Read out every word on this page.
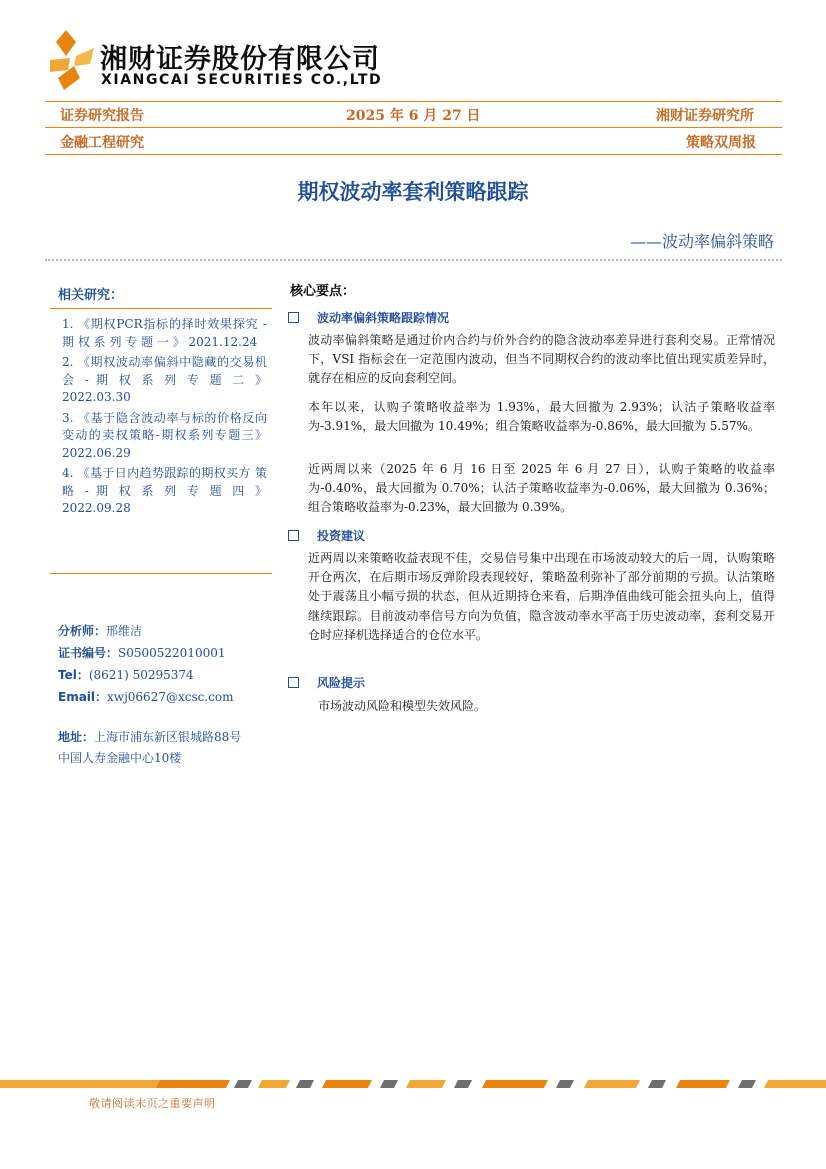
湘财证券股份有限公司
XIANGCAI SECURITIES CO.,LTD
证券研究报告	2025 年 6 月 27 日	湘财证券研究所
金融工程研究	策略双周报
期权波动率套利策略跟踪
——波动率偏斜策略
相关研究：

1. 《期权PCR指标的择时效果探究 - 期 权 系 列 专 题 一 》 2021.12.24

2. 《期权波动率偏斜中隐藏的交易机会 - 期 权 系 列 专 题 二 》 2022.03.30

3. 《基于隐含波动率与标的价格反向变动的卖权策略-期权系列专题三》 2022.06.29

4. 《基于日内趋势跟踪的期权买方 策 略 - 期 权 系 列 专 题 四 》 2022.09.28

分析师：邢维洁
证书编号：S0500522010001
Tel：(8621) 50295374
Email：xwj06627@xcsc.com
地址：上海市浦东新区银城路88号
中国人寿金融中心10楼
核心要点：
波动率偏斜策略跟踪情况

波动率偏斜策略是通过价内合约与价外合约的隐含波动率差异进行套利交易。正常情况下，VSI 指标会在一定范围内波动，但当不同期权合约的波动率比值出现实质差异时，就存在相应的反向套利空间。

本年以来，认购子策略收益率为 1.93%，最大回撤为 2.93%；认沽子策略收益率为-3.91%，最大回撤为 10.49%；组合策略收益率为-0.86%，最大回撤为 5.57%。

近两周以来（2025 年 6 月 16 日至 2025 年 6 月 27 日），认购子策略的收益率为-0.40%，最大回撤为 0.70%；认沽子策略收益率为-0.06%，最大回撤为 0.36%；组合策略收益率为-0.23%，最大回撤为 0.39%。

投资建议

近两周以来策略收益表现不佳，交易信号集中出现在市场波动较大的后一周，认购策略开仓两次，在后期市场反弹阶段表现较好，策略盈利弥补了部分前期的亏损。认沽策略处于震荡且小幅亏损的状态，但从近期持仓来看，后期净值曲线可能会扭头向上，值得继续跟踪。目前波动率信号方向为负值，隐含波动率水平高于历史波动率，套利交易开仓时应择机选择适合的仓位水平。

风险提示

市场波动风险和模型失效风险。

敬请阅读末页之重要声明
